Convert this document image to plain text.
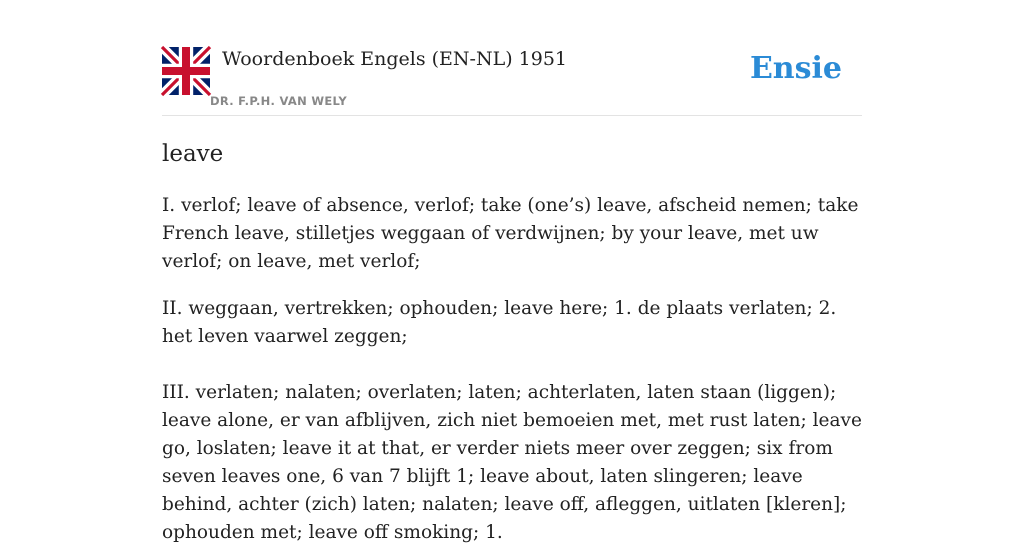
Woordenboek Engels (EN-NL) 1951
DR. F.P.H. VAN WELY
Ensie
leave

I. verlof; leave of absence, verlof; take (one’s) leave, afscheid nemen; take French leave, stilletjes weggaan of verdwijnen; by your leave, met uw verlof; on leave, met verlof;

II. weggaan, vertrekken; ophouden; leave here; 1. de plaats verlaten; 2. het leven vaarwel zeggen;

III. verlaten; nalaten; overlaten; laten; achterlaten, laten staan (liggen); leave alone, er van afblijven, zich niet bemoeien met, met rust laten; leave go, loslaten; leave it at that, er verder niets meer over zeggen; six from seven leaves one, 6 van 7 blijft 1; leave about, laten slingeren; leave behind, achter (zich) laten; nalaten; leave off, afleggen, uitlaten [kleren]; ophouden met; leave off smoking; 1.
